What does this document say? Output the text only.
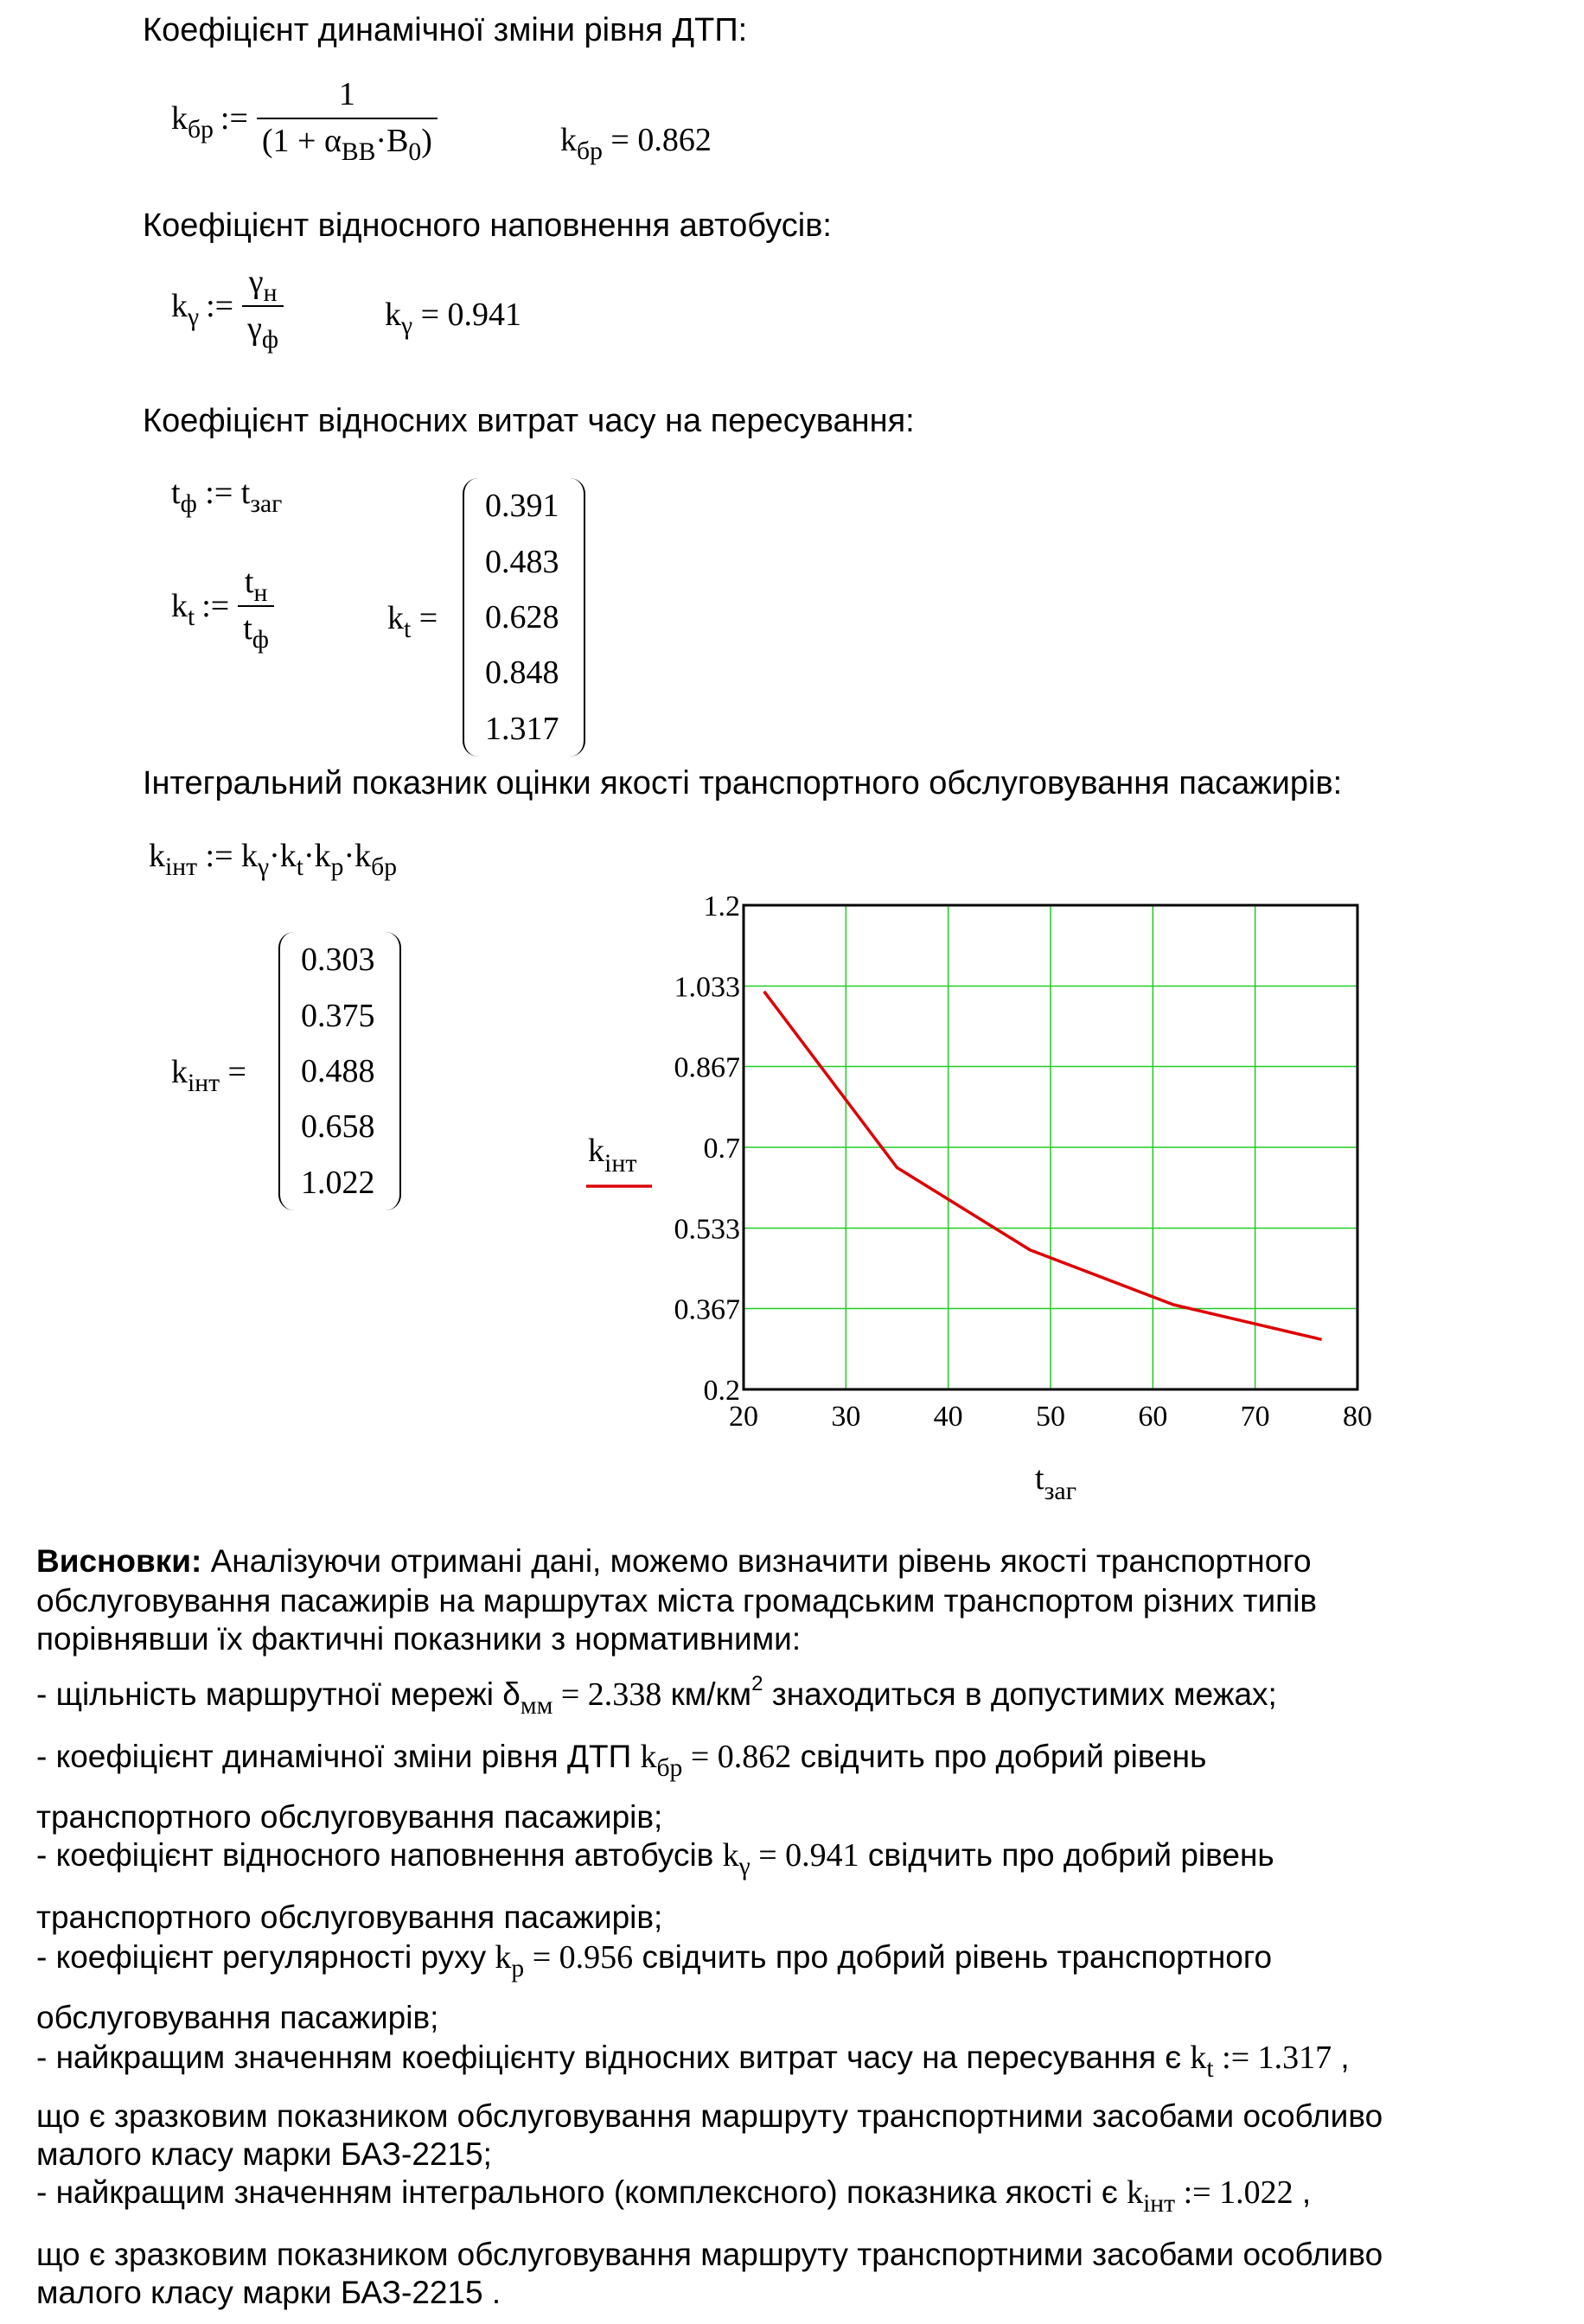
Коефіцієнт динамічної зміни рівня ДТП:
$k_{бр}$ := $\frac{1}{(1 + \alpha_{BB}\cdot B_0)}$	$k_{бр} = 0.862$
Коефіцієнт відносного наповнення автобусів:
$k_\gamma$ := $\frac{\gamma_н}{\gamma_ф}$	$k_\gamma = 0.941$
Коефіцієнт відносних витрат часу на пересування:
$t_ф$ := $t_{заг}$
$k_t$ := $\frac{t_н}{t_ф}$	$k_t$ =
0.391
0.483
0.628
0.848
1.317
Інтегральний показник оцінки якості транспортного обслуговування пасажирів:
$k_{інт}$ := $k_\gamma\cdot k_t\cdot k_р\cdot k_{бр}$
$k_{інт}$ =
0.303
0.375
0.488
0.658
1.022
0.2
0.367
0.533
0.7
0.867
1.033
1.2
20 30 40 50 60 70 80
$k_{інт}$
$t_{заг}$
Висновки: Аналізуючи отримані дані, можемо визначити рівень якості транспортного
обслуговування пасажирів на маршрутах міста громадським транспортом різних типів
порівнявши їх фактичні показники з нормативними:
- щільність маршрутної мережі $\delta_{мм} = 2.338$ $км/км^2$ знаходиться в допустимих межах;
- коефіцієнт динамічної зміни рівня ДТП $k_{бр} = 0.862$ свідчить про добрий рівень
транспортного обслуговування пасажирів;
- коефіцієнт відносного наповнення автобусів $k_\gamma = 0.941$ свідчить про добрий рівень
транспортного обслуговування пасажирів;
- коефіцієнт регулярності руху $k_р = 0.956$ свідчить про добрий рівень транспортного
обслуговування пасажирів;
- найкращим значенням коефіцієнту відносних витрат часу на пересування є $k_t$ := 1.317 ,
що є зразковим показником обслуговування маршруту транспортними засобами особливо
малого класу марки БАЗ-2215;
- найкращим значенням інтегрального (комплексного) показника якості є $k_{інт}$ := 1.022 ,
що є зразковим показником обслуговування маршруту транспортними засобами особливо
малого класу марки БАЗ-2215 .
